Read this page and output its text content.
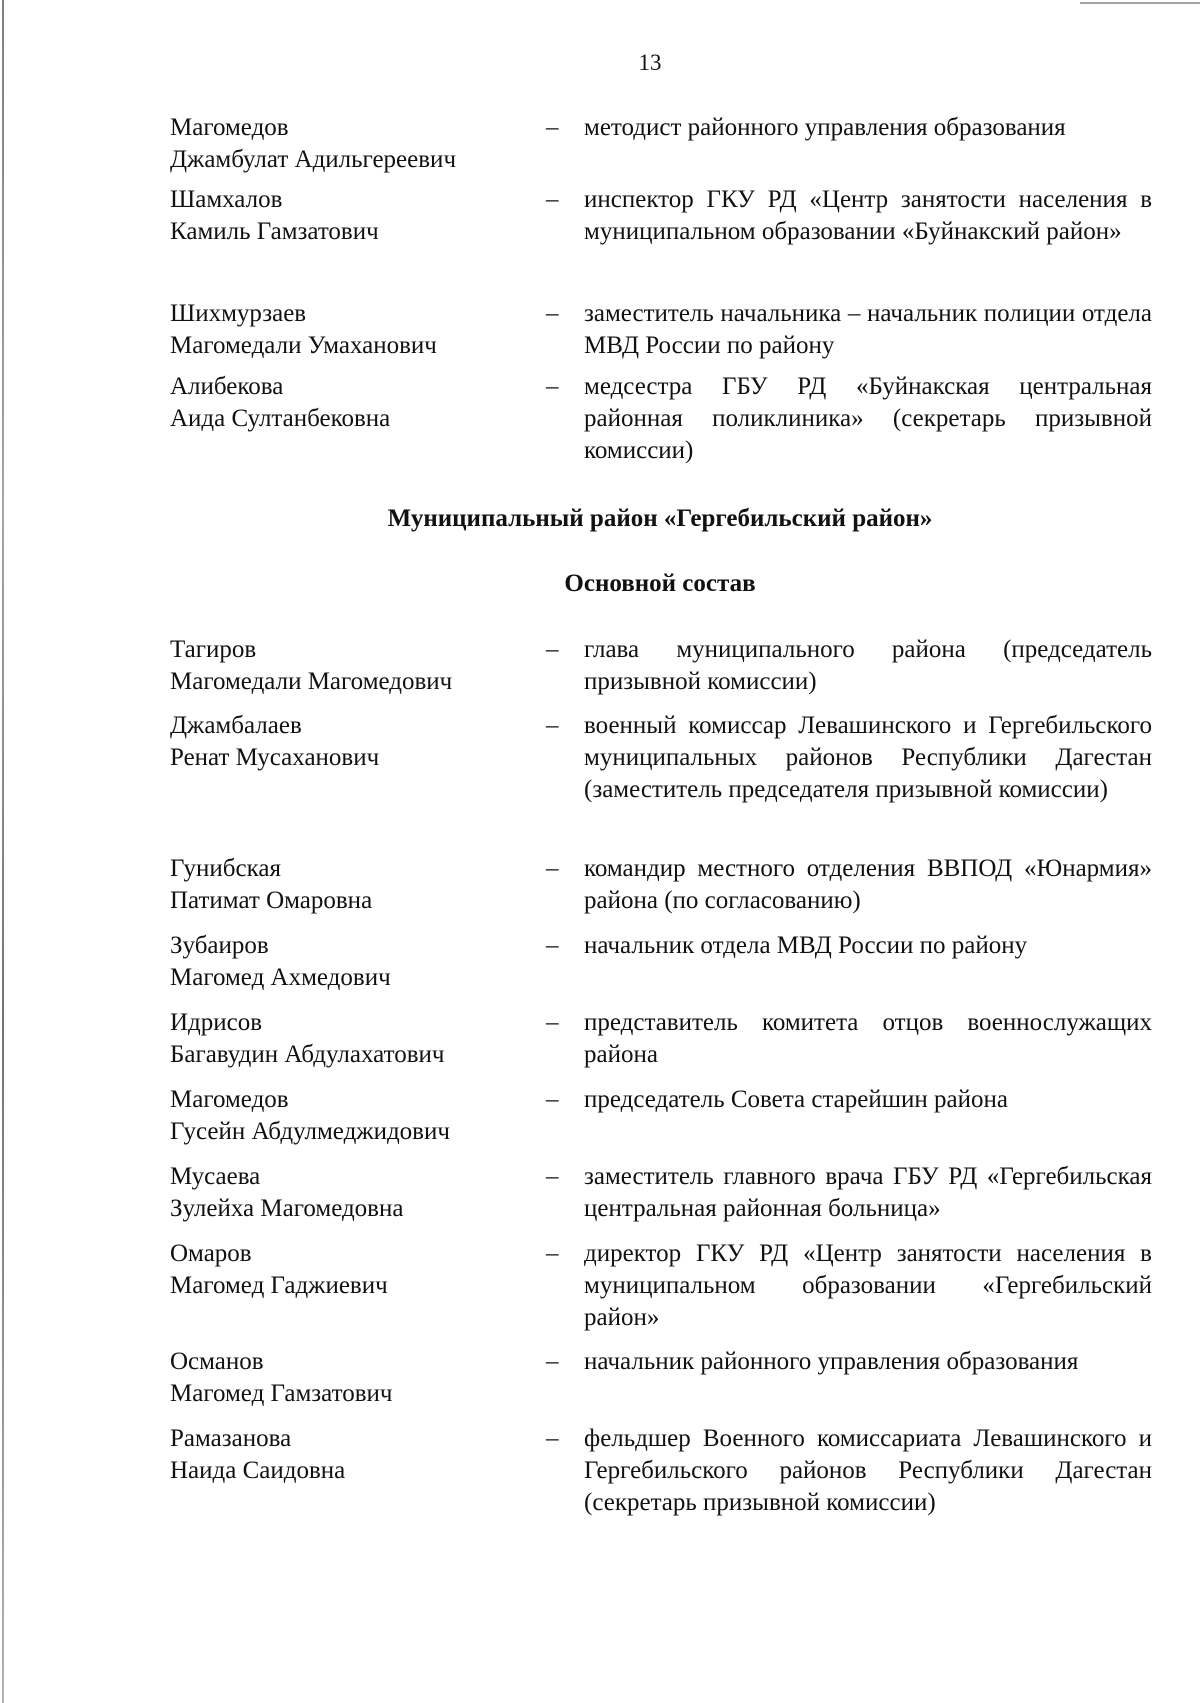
13
Магомедов
Джамбулат Адильгереевич
– методист районного управления образования
Шамхалов
Камиль Гамзатович
– инспектор ГКУ РД «Центр занятости населения в муниципальном образовании «Буйнакский район»
Шихмурзаев
Магомедали Умаханович
– заместитель начальника – начальник полиции отдела МВД России по району
Алибекова
Аида Султанбековна
– медсестра ГБУ РД «Буйнакская центральная районная поликлиника» (секретарь призывной комиссии)
Муниципальный район «Гергебильский район»
Основной состав
Тагиров
Магомедали Магомедович
– глава муниципального района (председатель призывной комиссии)
Джамбалаев
Ренат Мусаханович
– военный комиссар Левашинского и Гергебильского муниципальных районов Республики Дагестан (заместитель председателя призывной комиссии)
Гунибская
Патимат Омаровна
– командир местного отделения ВВПОД «Юнармия» района (по согласованию)
Зубаиров
Магомед Ахмедович
– начальник отдела МВД России по району
Идрисов
Багавудин Абдулахатович
– представитель комитета отцов военнослужащих района
Магомедов
Гусейн Абдулмеджидович
– председатель Совета старейшин района
Мусаева
Зулейха Магомедовна
– заместитель главного врача ГБУ РД «Гергебильская центральная районная больница»
Омаров
Магомед Гаджиевич
– директор ГКУ РД «Центр занятости населения в муниципальном образовании «Гергебильский район»
Османов
Магомед Гамзатович
– начальник районного управления образования
Рамазанова
Наида Саидовна
– фельдшер Военного комиссариата Левашинского и Гергебильского районов Республики Дагестан (секретарь призывной комиссии)
